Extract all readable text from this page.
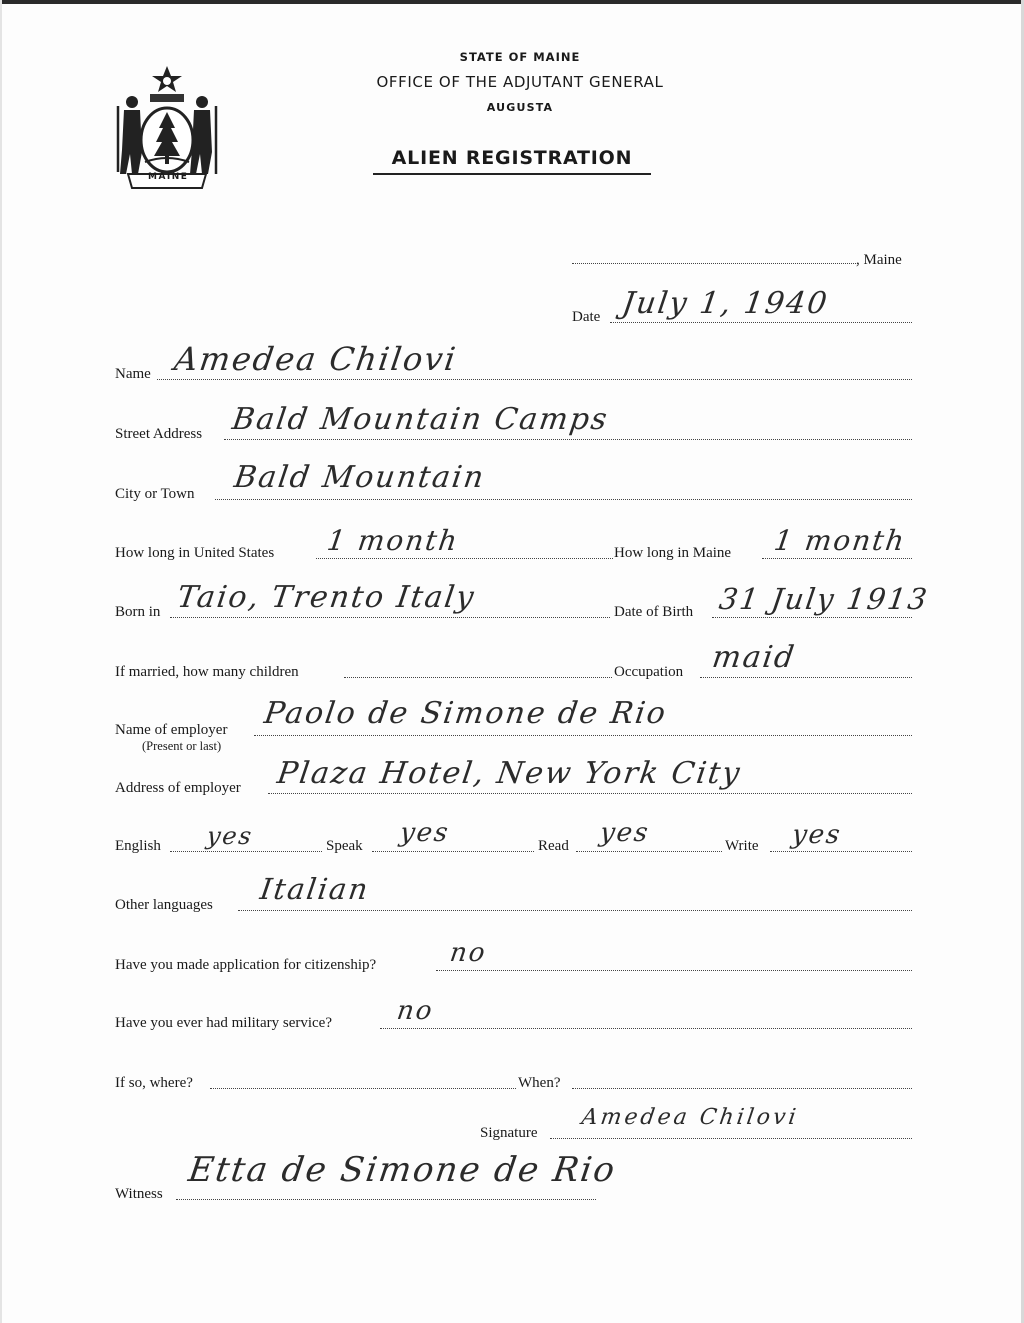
MAINE
STATE OF MAINE
OFFICE OF THE ADJUTANT GENERAL
AUGUSTA
ALIEN REGISTRATION
, Maine
Date July 1, 1940
Name Amedea Chilovi
Street Address Bald Mountain Camps
City or Town Bald Mountain
How long in United States 1 month	How long in Maine 1 month
Born in Taio, Trento Italy	Date of Birth 31 July 1913
If married, how many children	Occupation maid
Name of employer
(Present or last)
Paolo de Simone de Rio
Address of employer Plaza Hotel, New York City
English yes	Speak yes	Read yes	Write yes
Other languages Italian
Have you made application for citizenship?	no
Have you ever had military service? no
If so, where?	When?
Signature
Amedea Chilovi
Witness
Etta de Simone de Rio
